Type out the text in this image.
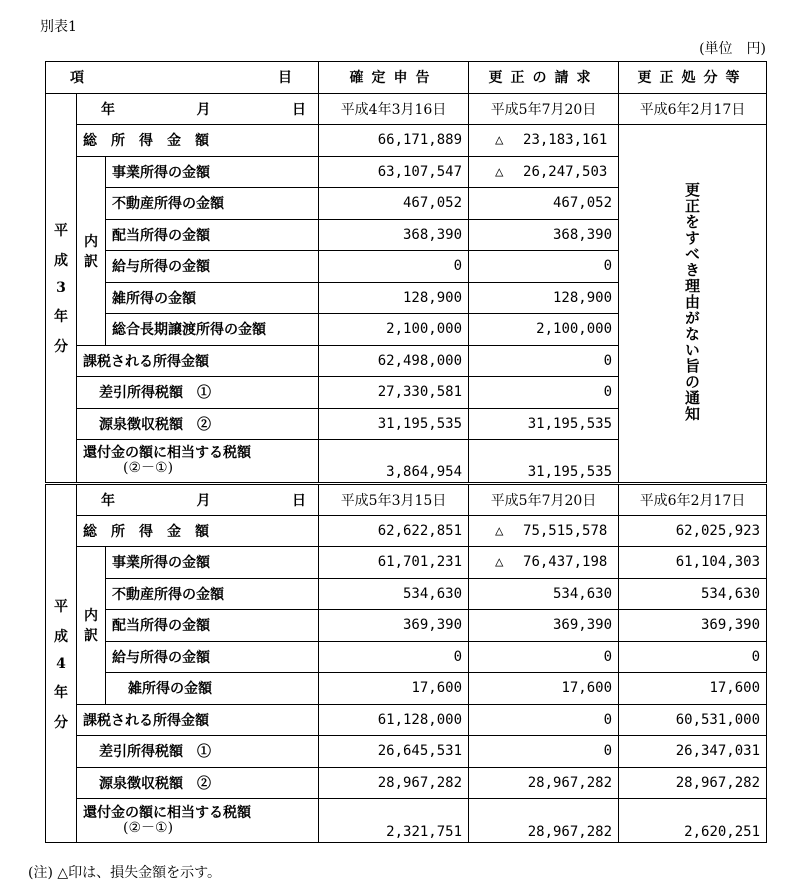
別表1
(単位　円)
項 目			確定申告	更正の請求	更正処分等

平
成
3
年
分	年 月 日		平成4年3月16日	平成5年7月20日	平成6年2月17日
	総　所　得　金　額		66,171,889	△ 23,183,161	更正をすべき理由がない旨の通知

	内
訳	事業所得の金額	63,107,547	△ 26,247,503	
		不動産所得の金額	467,052	467,052	
		配当所得の金額	368,390	368,390	
		給与所得の金額	0	0	
		雑所得の金額	128,900	128,900	
		総合長期譲渡所得の金額	2,100,000	2,100,000	
	課税される所得金額		62,498,000	0	
	差引所得税額　①		27,330,581	0	
	源泉徴収税額　②		31,195,535	31,195,535	
	還付金の額に相当する税額
(②－①)		3,864,954	31,195,535	

平
成
4
年
分	年 月 日		平成5年3月15日	平成5年7月20日	平成6年2月17日
	総　所　得　金　額		62,622,851	△ 75,515,578	62,025,923

	内
訳	事業所得の金額	61,701,231	△ 76,437,198	61,104,303
		不動産所得の金額	534,630	534,630	534,630
		配当所得の金額	369,390	369,390	369,390
		給与所得の金額	0	0	0
		雑所得の金額	17,600	17,600	17,600
	課税される所得金額		61,128,000	0	60,531,000
	差引所得税額　①		26,645,531	0	26,347,031
	源泉徴収税額　②		28,967,282	28,967,282	28,967,282
	還付金の額に相当する税額
(②－①)		2,321,751	28,967,282	2,620,251
(注) △印は、損失金額を示す。
